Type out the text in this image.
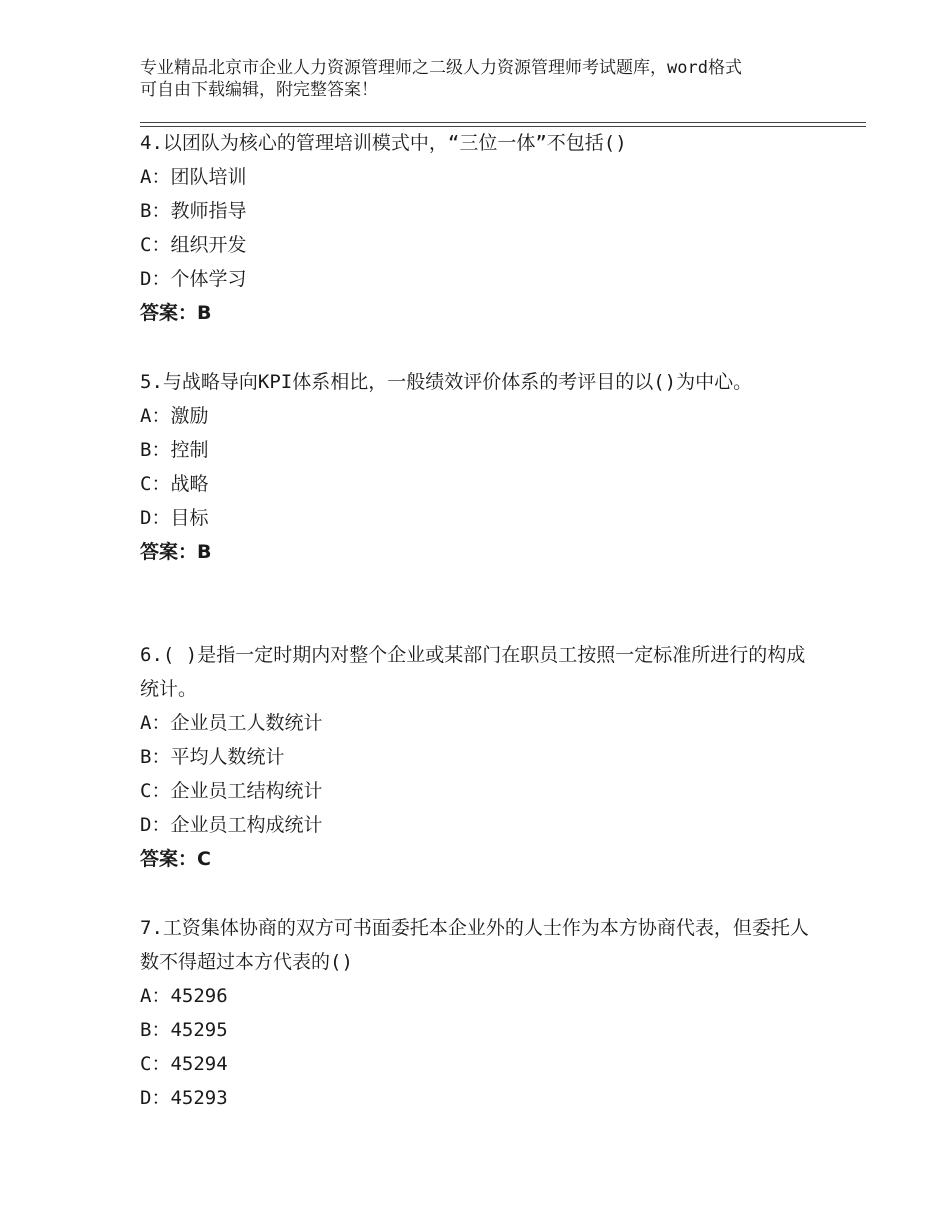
专业精品北京市企业人力资源管理师之二级人力资源管理师考试题库，word格式
可自由下载编辑，附完整答案！
4.以团队为核心的管理培训模式中，“三位一体”不包括()
A：团队培训
B：教师指导
C：组织开发
D：个体学习
答案：B
5.与战略导向KPI体系相比，一般绩效评价体系的考评目的以()为中心。
A：激励
B：控制
C：战略
D：目标
答案：B
6.( )是指一定时期内对整个企业或某部门在职员工按照一定标准所进行的构成统计。
A：企业员工人数统计
B：平均人数统计
C：企业员工结构统计
D：企业员工构成统计
答案：C
7.工资集体协商的双方可书面委托本企业外的人士作为本方协商代表，但委托人数不得超过本方代表的()
A：45296
B：45295
C：45294
D：45293
